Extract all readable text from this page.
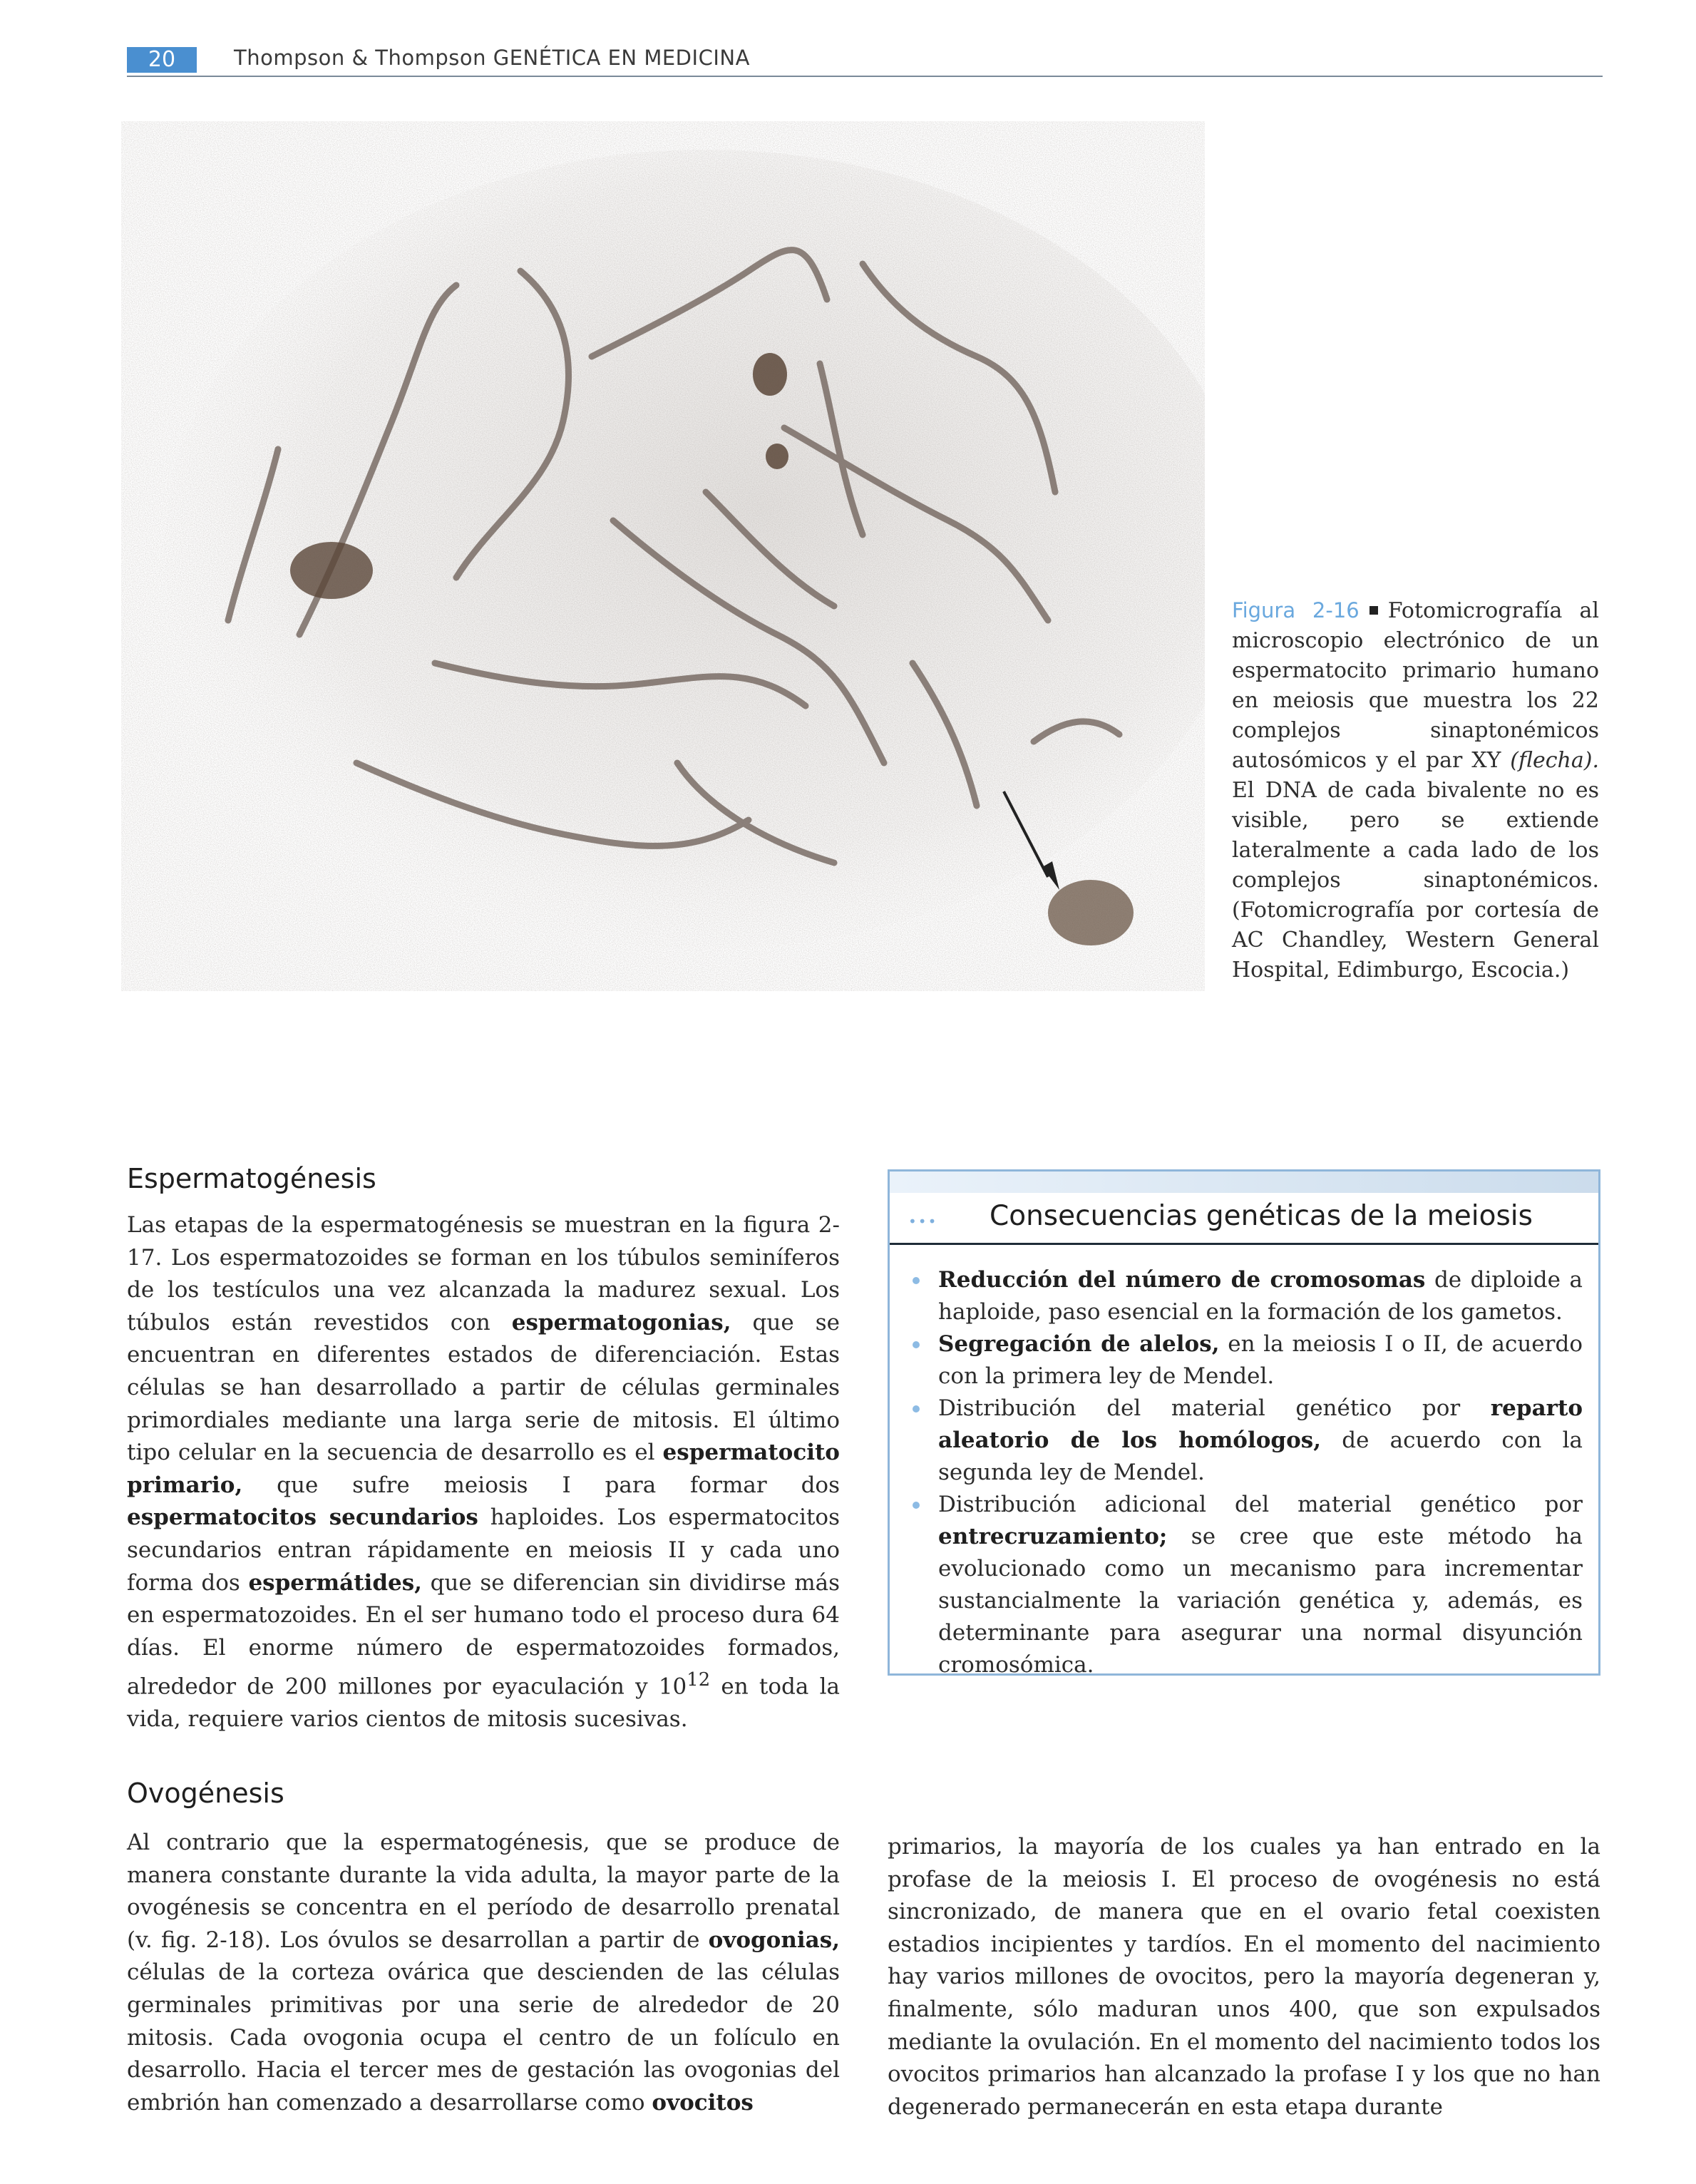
20	Thompson & Thompson GENÉTICA EN MEDICINA
Figura 2-16 Fotomicrografía al microscopio electrónico de un espermatocito primario humano en meiosis que muestra los 22 complejos sinaptonémicos autosómicos y el par XY (flecha). El DNA de cada bivalente no es visible, pero se extiende lateralmente a cada lado de los complejos sinaptonémicos. (Fotomicrografía por cortesía de AC Chandley, Western General Hospital, Edimburgo, Escocia.)
Espermatogénesis

Las etapas de la espermatogénesis se muestran en la figura 2-17. Los espermatozoides se forman en los túbulos seminíferos de los testículos una vez alcanzada la madurez sexual. Los túbulos están revestidos con espermatogonias, que se encuentran en diferentes estados de diferenciación. Estas células se han desarrollado a partir de células germinales primordiales mediante una larga serie de mitosis. El último tipo celular en la secuencia de desarrollo es el espermatocito primario, que sufre meiosis I para formar dos espermatocitos secundarios haploides. Los espermatocitos secundarios entran rápidamente en meiosis II y cada uno forma dos espermátides, que se diferencian sin dividirse más en espermatozoides. En el ser humano todo el proceso dura 64 días. El enorme número de espermatozoides formados, alrededor de 200 millones por eyaculación y $10^{12}$ en toda la vida, requiere varios cientos de mitosis sucesivas.

••• Consecuencias genéticas de la meiosis
Reducción del número de cromosomas de diploide a haploide, paso esencial en la formación de los gametos.
Segregación de alelos, en la meiosis I o II, de acuerdo con la primera ley de Mendel.
Distribución del material genético por reparto aleatorio de los homólogos, de acuerdo con la segunda ley de Mendel.
Distribución adicional del material genético por entrecruzamiento; se cree que este método ha evolucionado como un mecanismo para incrementar sustancialmente la variación genética y, además, es determinante para asegurar una normal disyunción cromosómica.
Ovogénesis

Al contrario que la espermatogénesis, que se produce de manera constante durante la vida adulta, la mayor parte de la ovogénesis se concentra en el período de desarrollo prenatal (v. fig. 2-18). Los óvulos se desarrollan a partir de ovogonias, células de la corteza ovárica que descienden de las células germinales primitivas por una serie de alrededor de 20 mitosis. Cada ovogonia ocupa el centro de un folículo en desarrollo. Hacia el tercer mes de gestación las ovogonias del embrión han comenzado a desarrollarse como ovocitos

primarios, la mayoría de los cuales ya han entrado en la profase de la meiosis I. El proceso de ovogénesis no está sincronizado, de manera que en el ovario fetal coexisten estadios incipientes y tardíos. En el momento del nacimiento hay varios millones de ovocitos, pero la mayoría degeneran y, finalmente, sólo maduran unos 400, que son expulsados mediante la ovulación. En el momento del nacimiento todos los ovocitos primarios han alcanzado la profase I y los que no han degenerado permanecerán en esta etapa durante
